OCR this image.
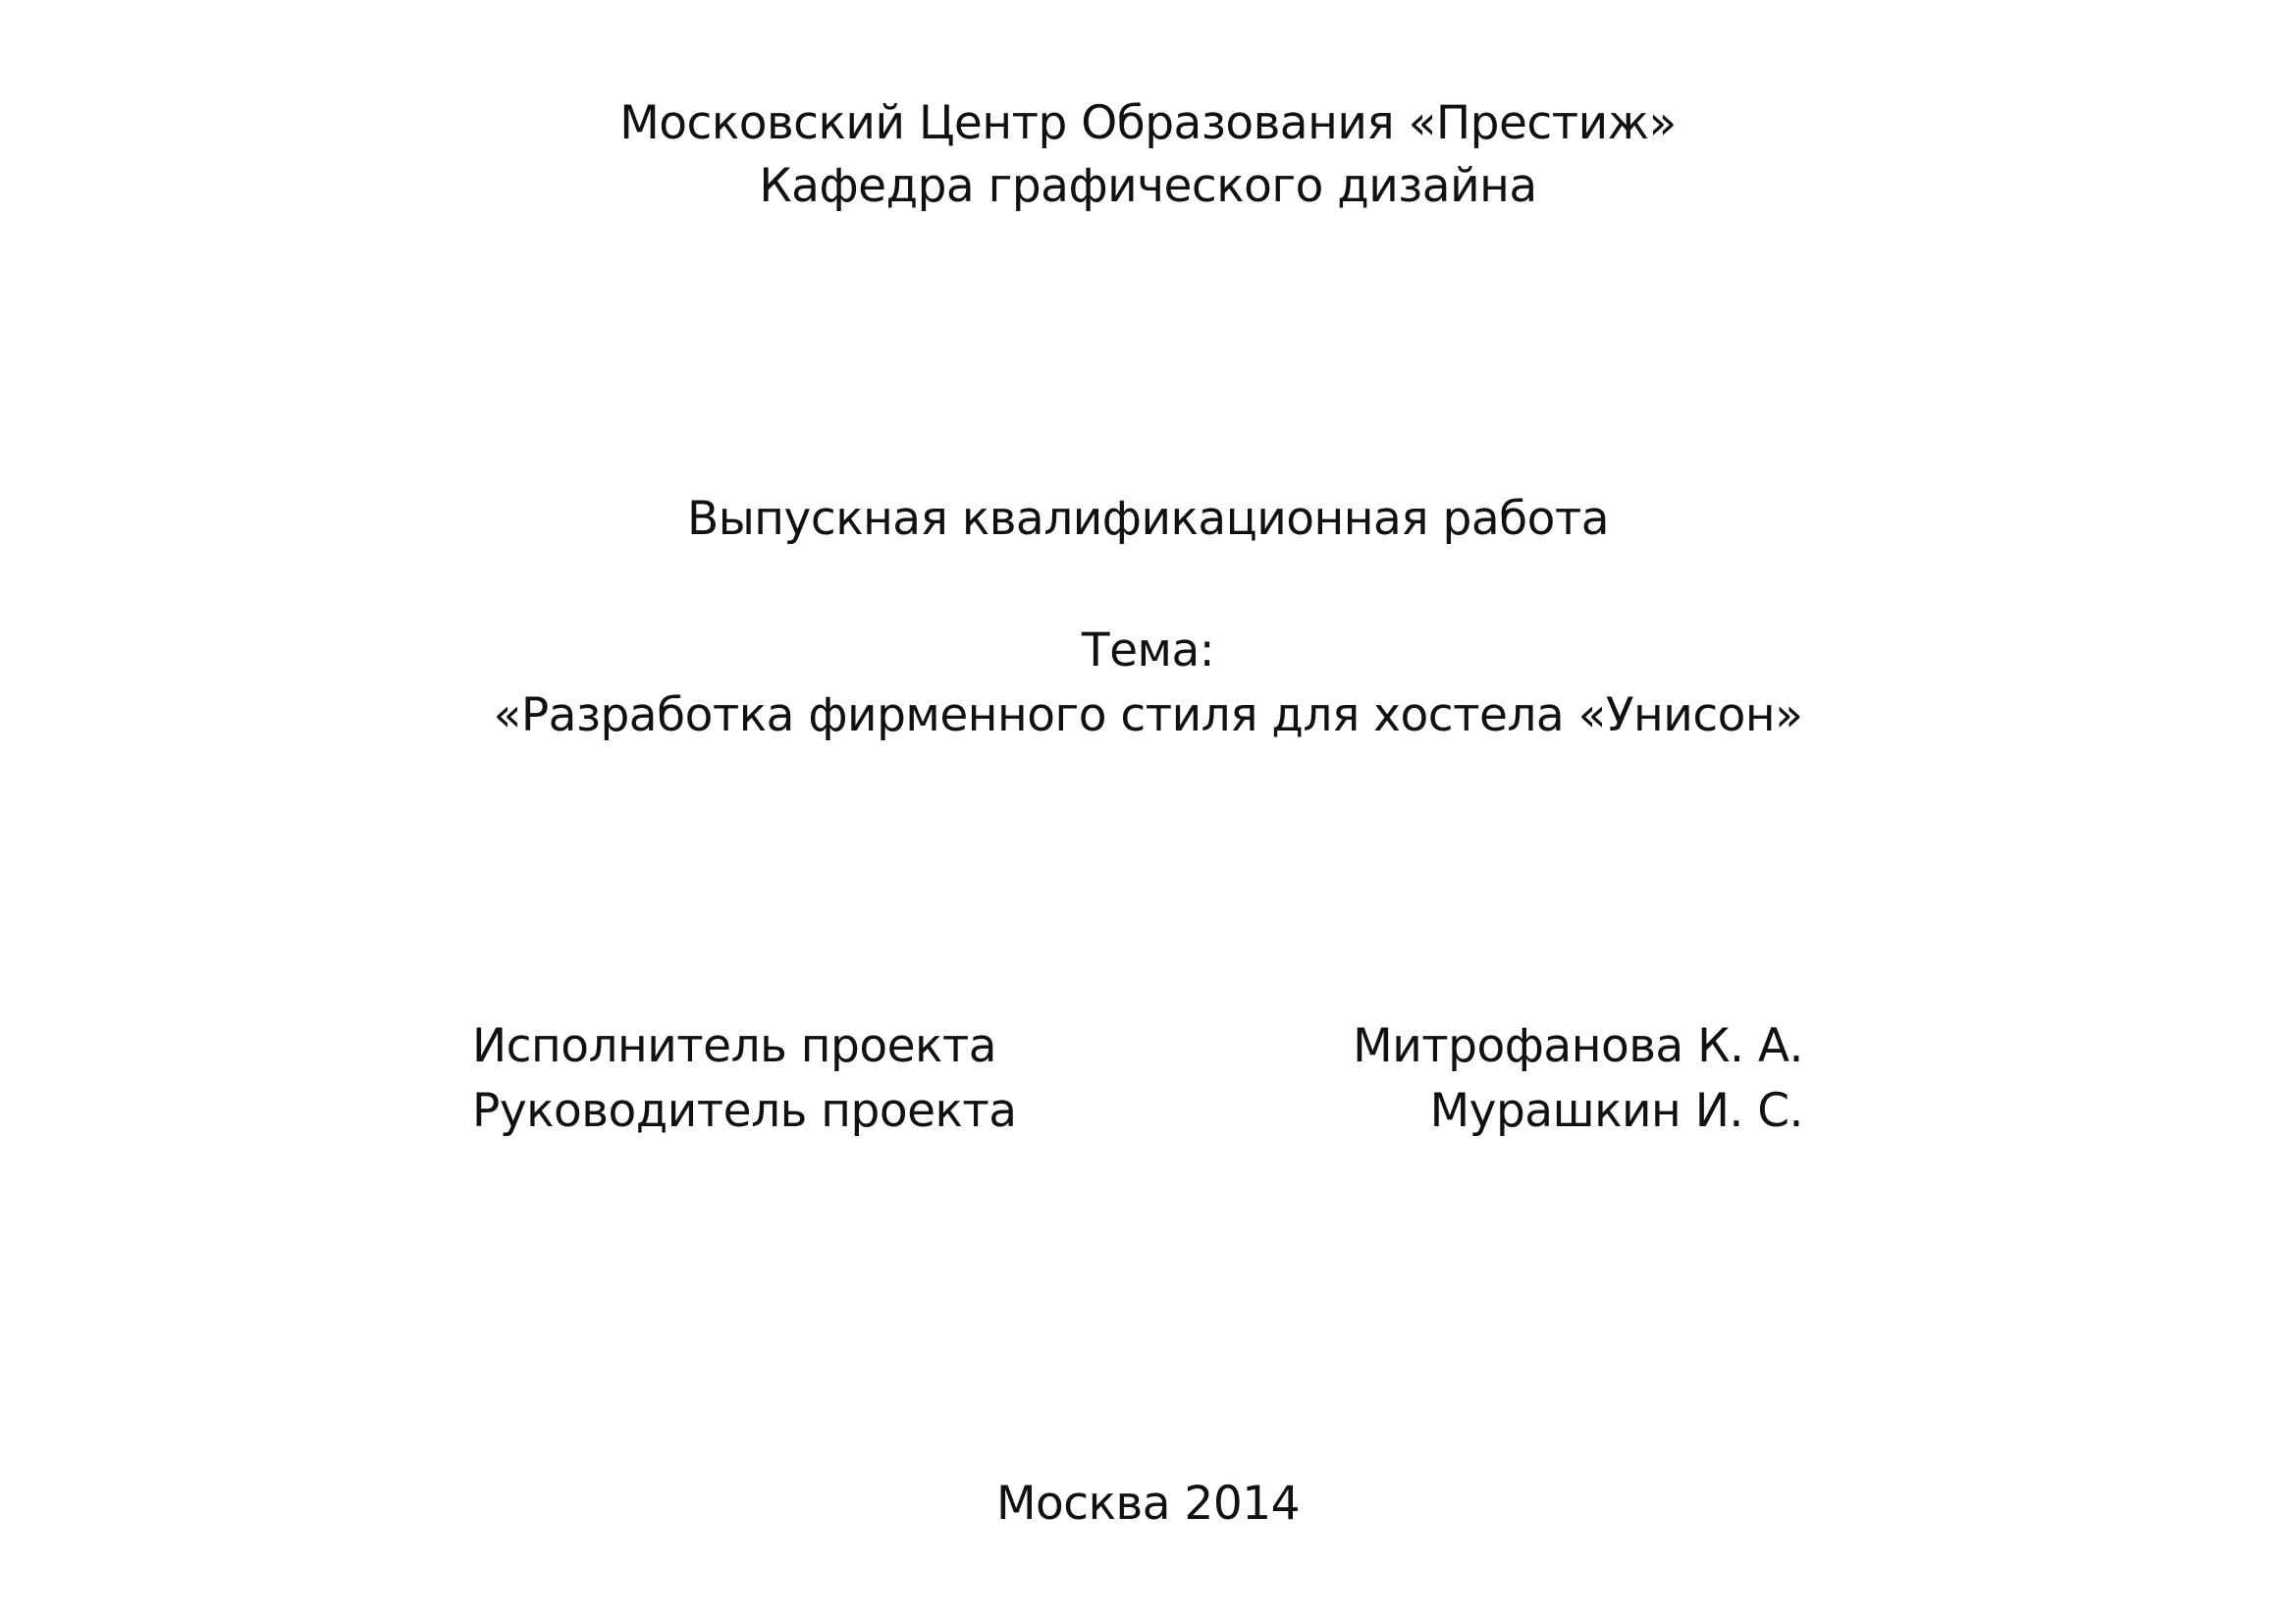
Московский Центр Образования «Престиж»
Кафедра графического дизайна
Выпускная квалификационная работа
Тема:
«Разработка фирменного стиля для хостела «Унисон»
Исполнитель проекта	Митрофанова К. А.
Руководитель проекта	Мурашкин И. С.
Москва 2014
